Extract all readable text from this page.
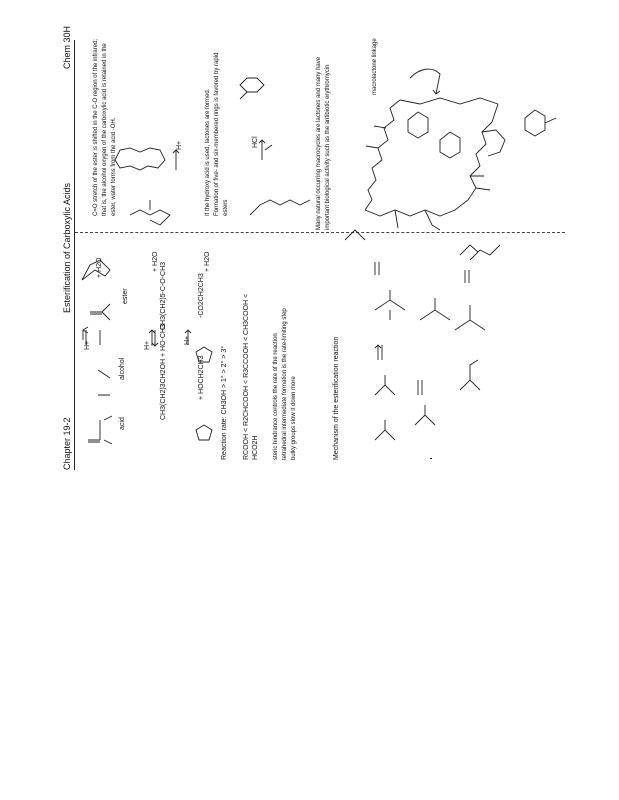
Chapter 19-2
Esterification of Carboxylic Acids
Chem 30H
acid
alcohol
ester
+ H2O
H+	CH3(CH2)3CH2OH + HO-CH3
CH3(CH2)5-C-O-CH3
H+
+ H2O
+ HOCH2CH3
-CO2CH2CH3
H+
+ H2O
Reaction rate: CH3OH > 1° > 2° > 3° RCOOH < R2CHCOOH < R3CCOOH < CH3COOH < HCO2H steric hindrance controls the rate of the reaction tetrahedral intermediate formation is the rate-limiting step bulky groups slow it down more	Mechanism of the esterification reaction
C=O stretch of the ester is shifted in the C-O region of the infrared; that is, the alcohol oxygen of the carboxylic acid is retained in the ester, water forms from the acid -OH.	If the hydroxy acid is used, lactones are formed. Formation of five- and six-membered rings is favored by rapid esters
HCl
H+	Many natural occurring macrocycles are lactones and many have important biological activity such as the antibiotic erythromycin	macrolactone linkage
